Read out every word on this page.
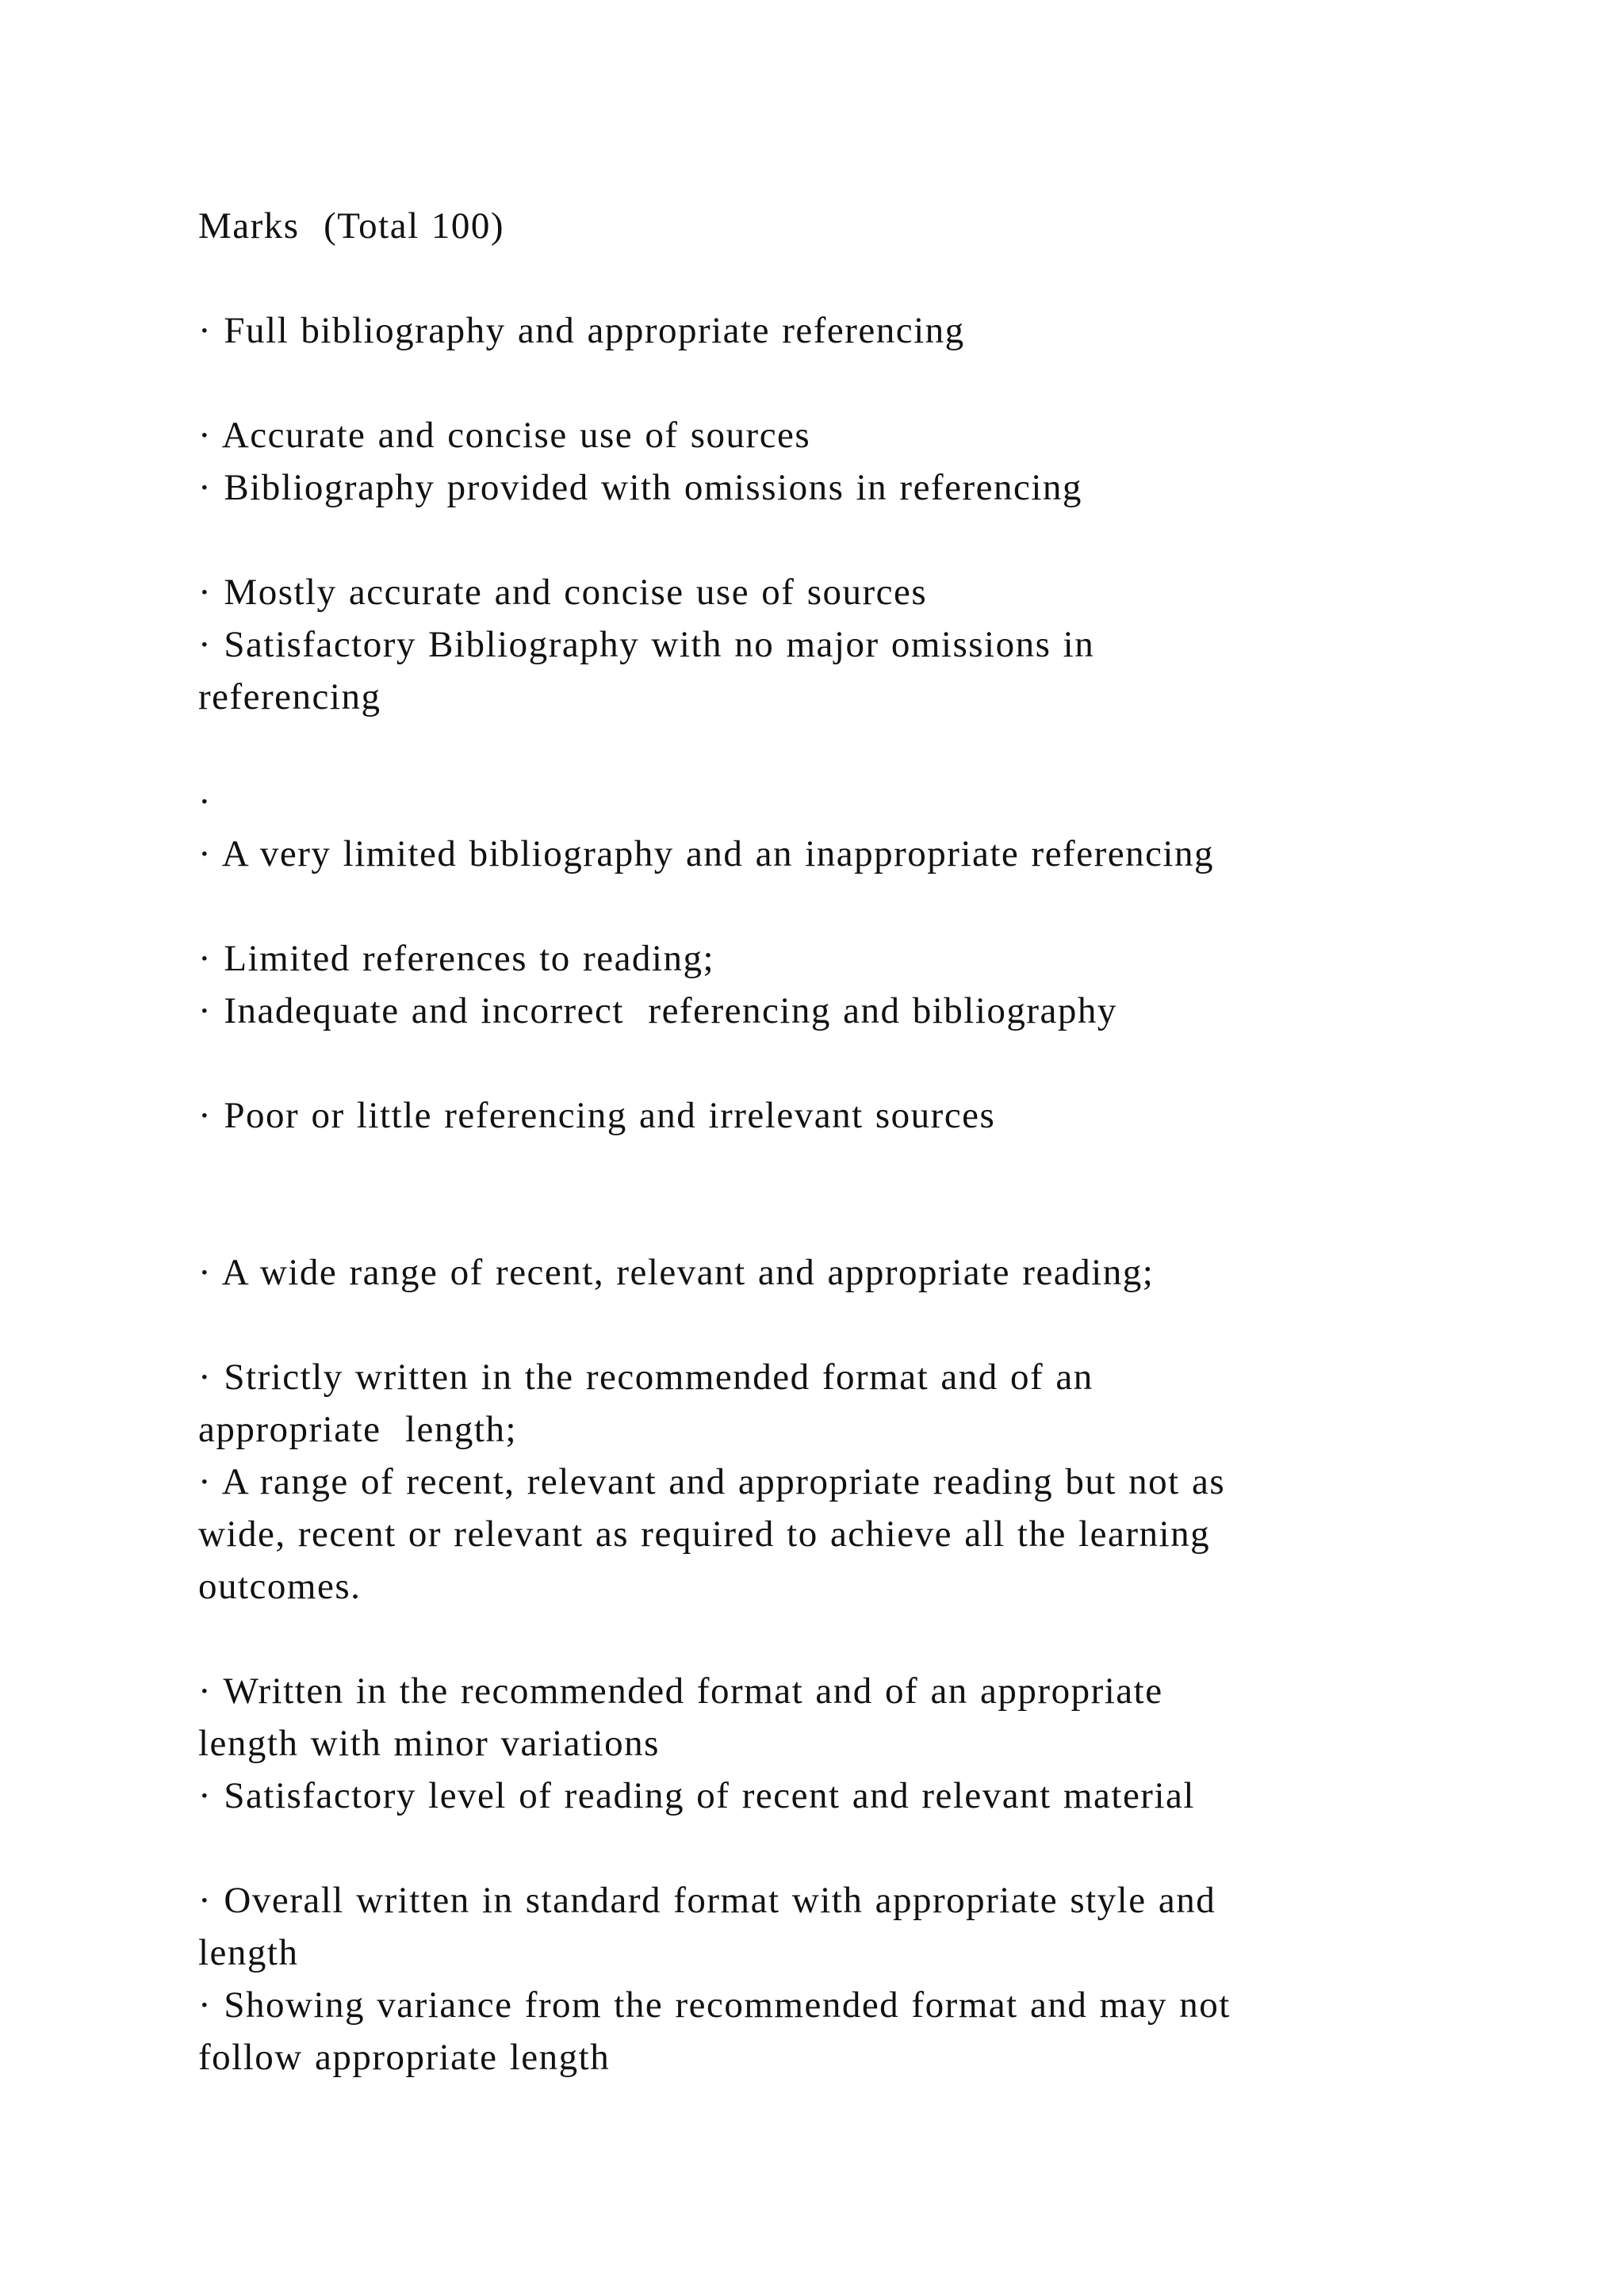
Marks  (Total 100)
· Full bibliography and appropriate referencing
· Accurate and concise use of sources
· Bibliography provided with omissions in referencing
· Mostly accurate and concise use of sources
· Satisfactory Bibliography with no major omissions in
referencing
·
· A very limited bibliography and an inappropriate referencing
· Limited references to reading;
· Inadequate and incorrect  referencing and bibliography
· Poor or little referencing and irrelevant sources
· A wide range of recent, relevant and appropriate reading;
· Strictly written in the recommended format and of an
appropriate  length;
· A range of recent, relevant and appropriate reading but not as
wide, recent or relevant as required to achieve all the learning
outcomes.
· Written in the recommended format and of an appropriate
length with minor variations
· Satisfactory level of reading of recent and relevant material
· Overall written in standard format with appropriate style and
length
· Showing variance from the recommended format and may not
follow appropriate length
